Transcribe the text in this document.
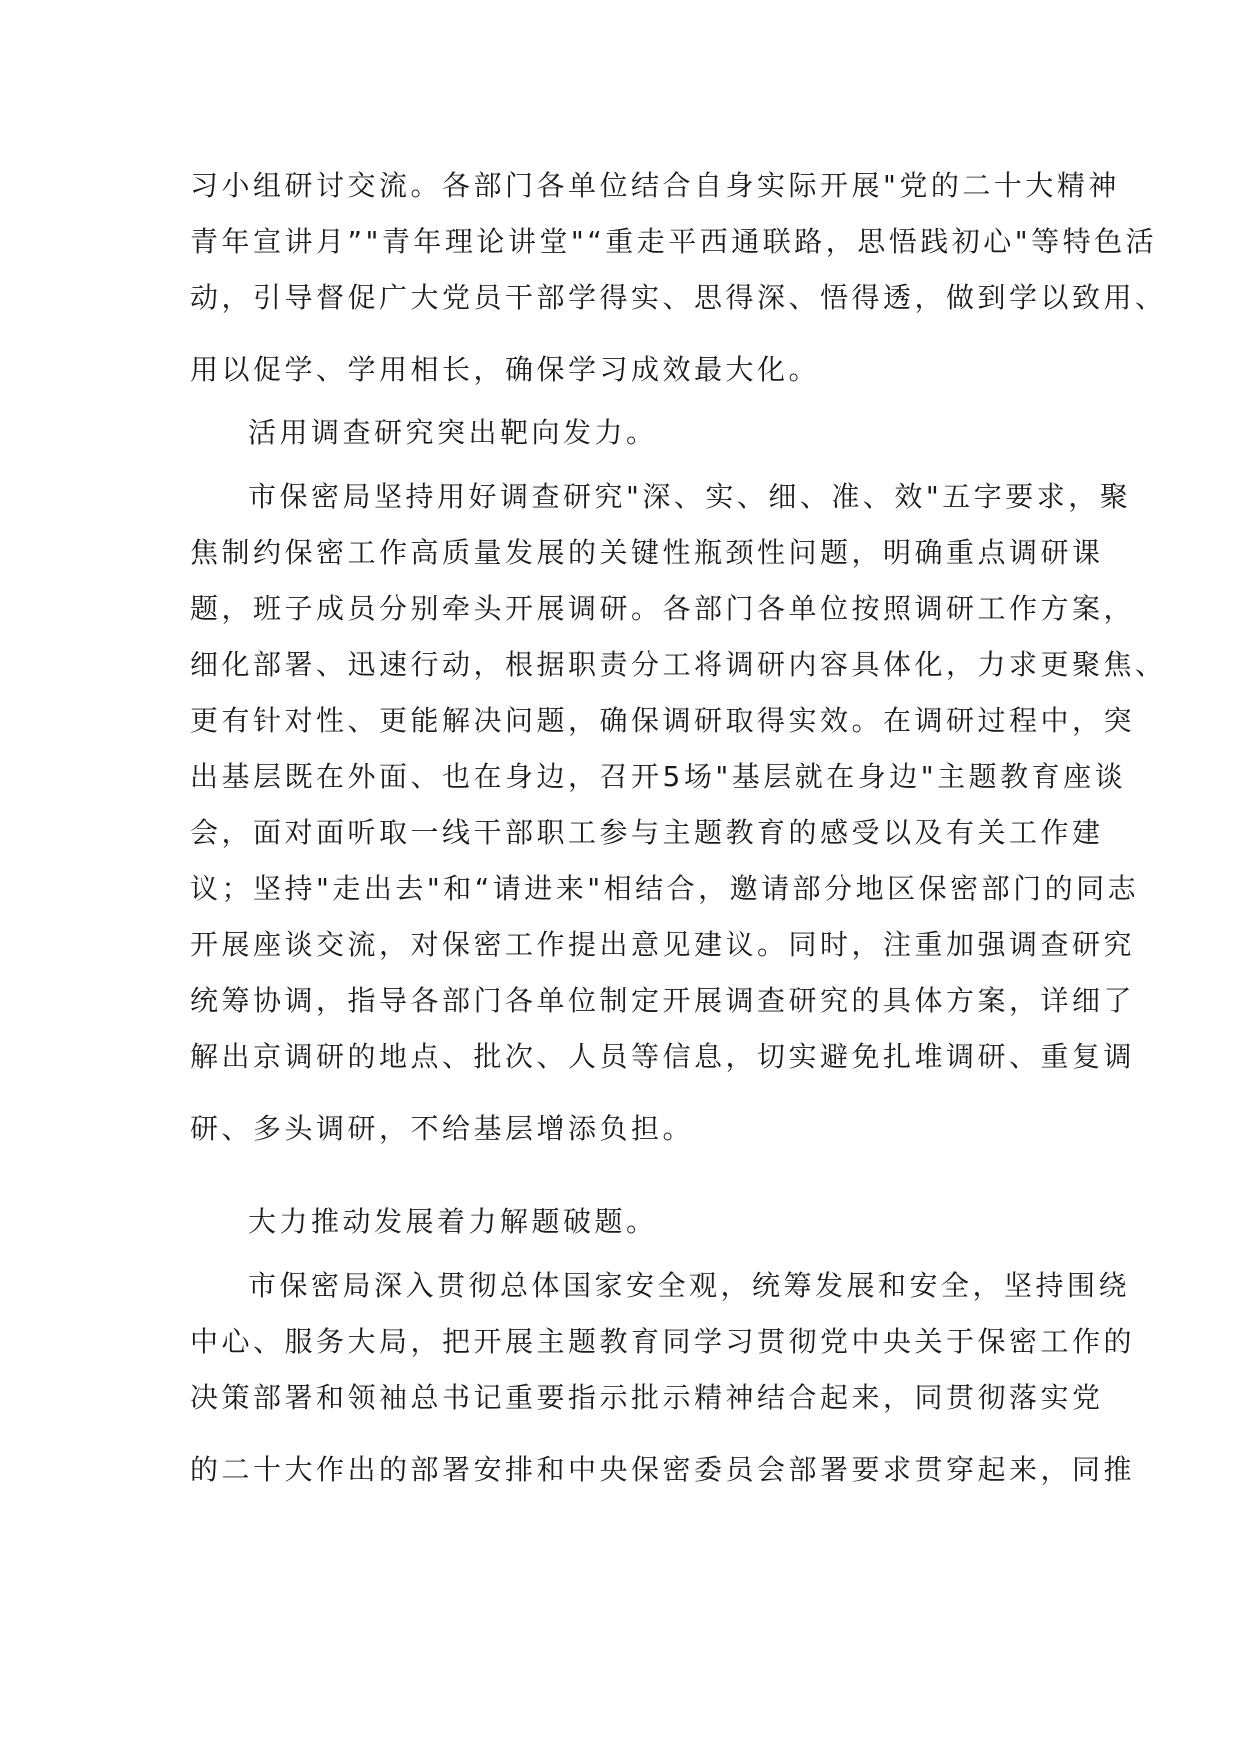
习小组研讨交流。各部门各单位结合自身实际开展"党的二十大精神
青年宣讲月”"青年理论讲堂"“重走平西通联路，思悟践初心"等特色活
动，引导督促广大党员干部学得实、思得深、悟得透，做到学以致用、
用以促学、学用相长，确保学习成效最大化。
活用调查研究突出靶向发力。
市保密局坚持用好调查研究"深、实、细、准、效"五字要求，聚
焦制约保密工作高质量发展的关键性瓶颈性问题，明确重点调研课
题，班子成员分别牵头开展调研。各部门各单位按照调研工作方案，
细化部署、迅速行动，根据职责分工将调研内容具体化，力求更聚焦、
更有针对性、更能解决问题，确保调研取得实效。在调研过程中，突
出基层既在外面、也在身边，召开5场"基层就在身边"主题教育座谈
会，面对面听取一线干部职工参与主题教育的感受以及有关工作建
议；坚持"走出去"和“请进来"相结合，邀请部分地区保密部门的同志
开展座谈交流，对保密工作提出意见建议。同时，注重加强调查研究
统筹协调，指导各部门各单位制定开展调查研究的具体方案，详细了
解出京调研的地点、批次、人员等信息，切实避免扎堆调研、重复调
研、多头调研，不给基层增添负担。
大力推动发展着力解题破题。
市保密局深入贯彻总体国家安全观，统筹发展和安全，坚持围绕
中心、服务大局，把开展主题教育同学习贯彻党中央关于保密工作的
决策部署和领袖总书记重要指示批示精神结合起来，同贯彻落实党
的二十大作出的部署安排和中央保密委员会部署要求贯穿起来，同推
